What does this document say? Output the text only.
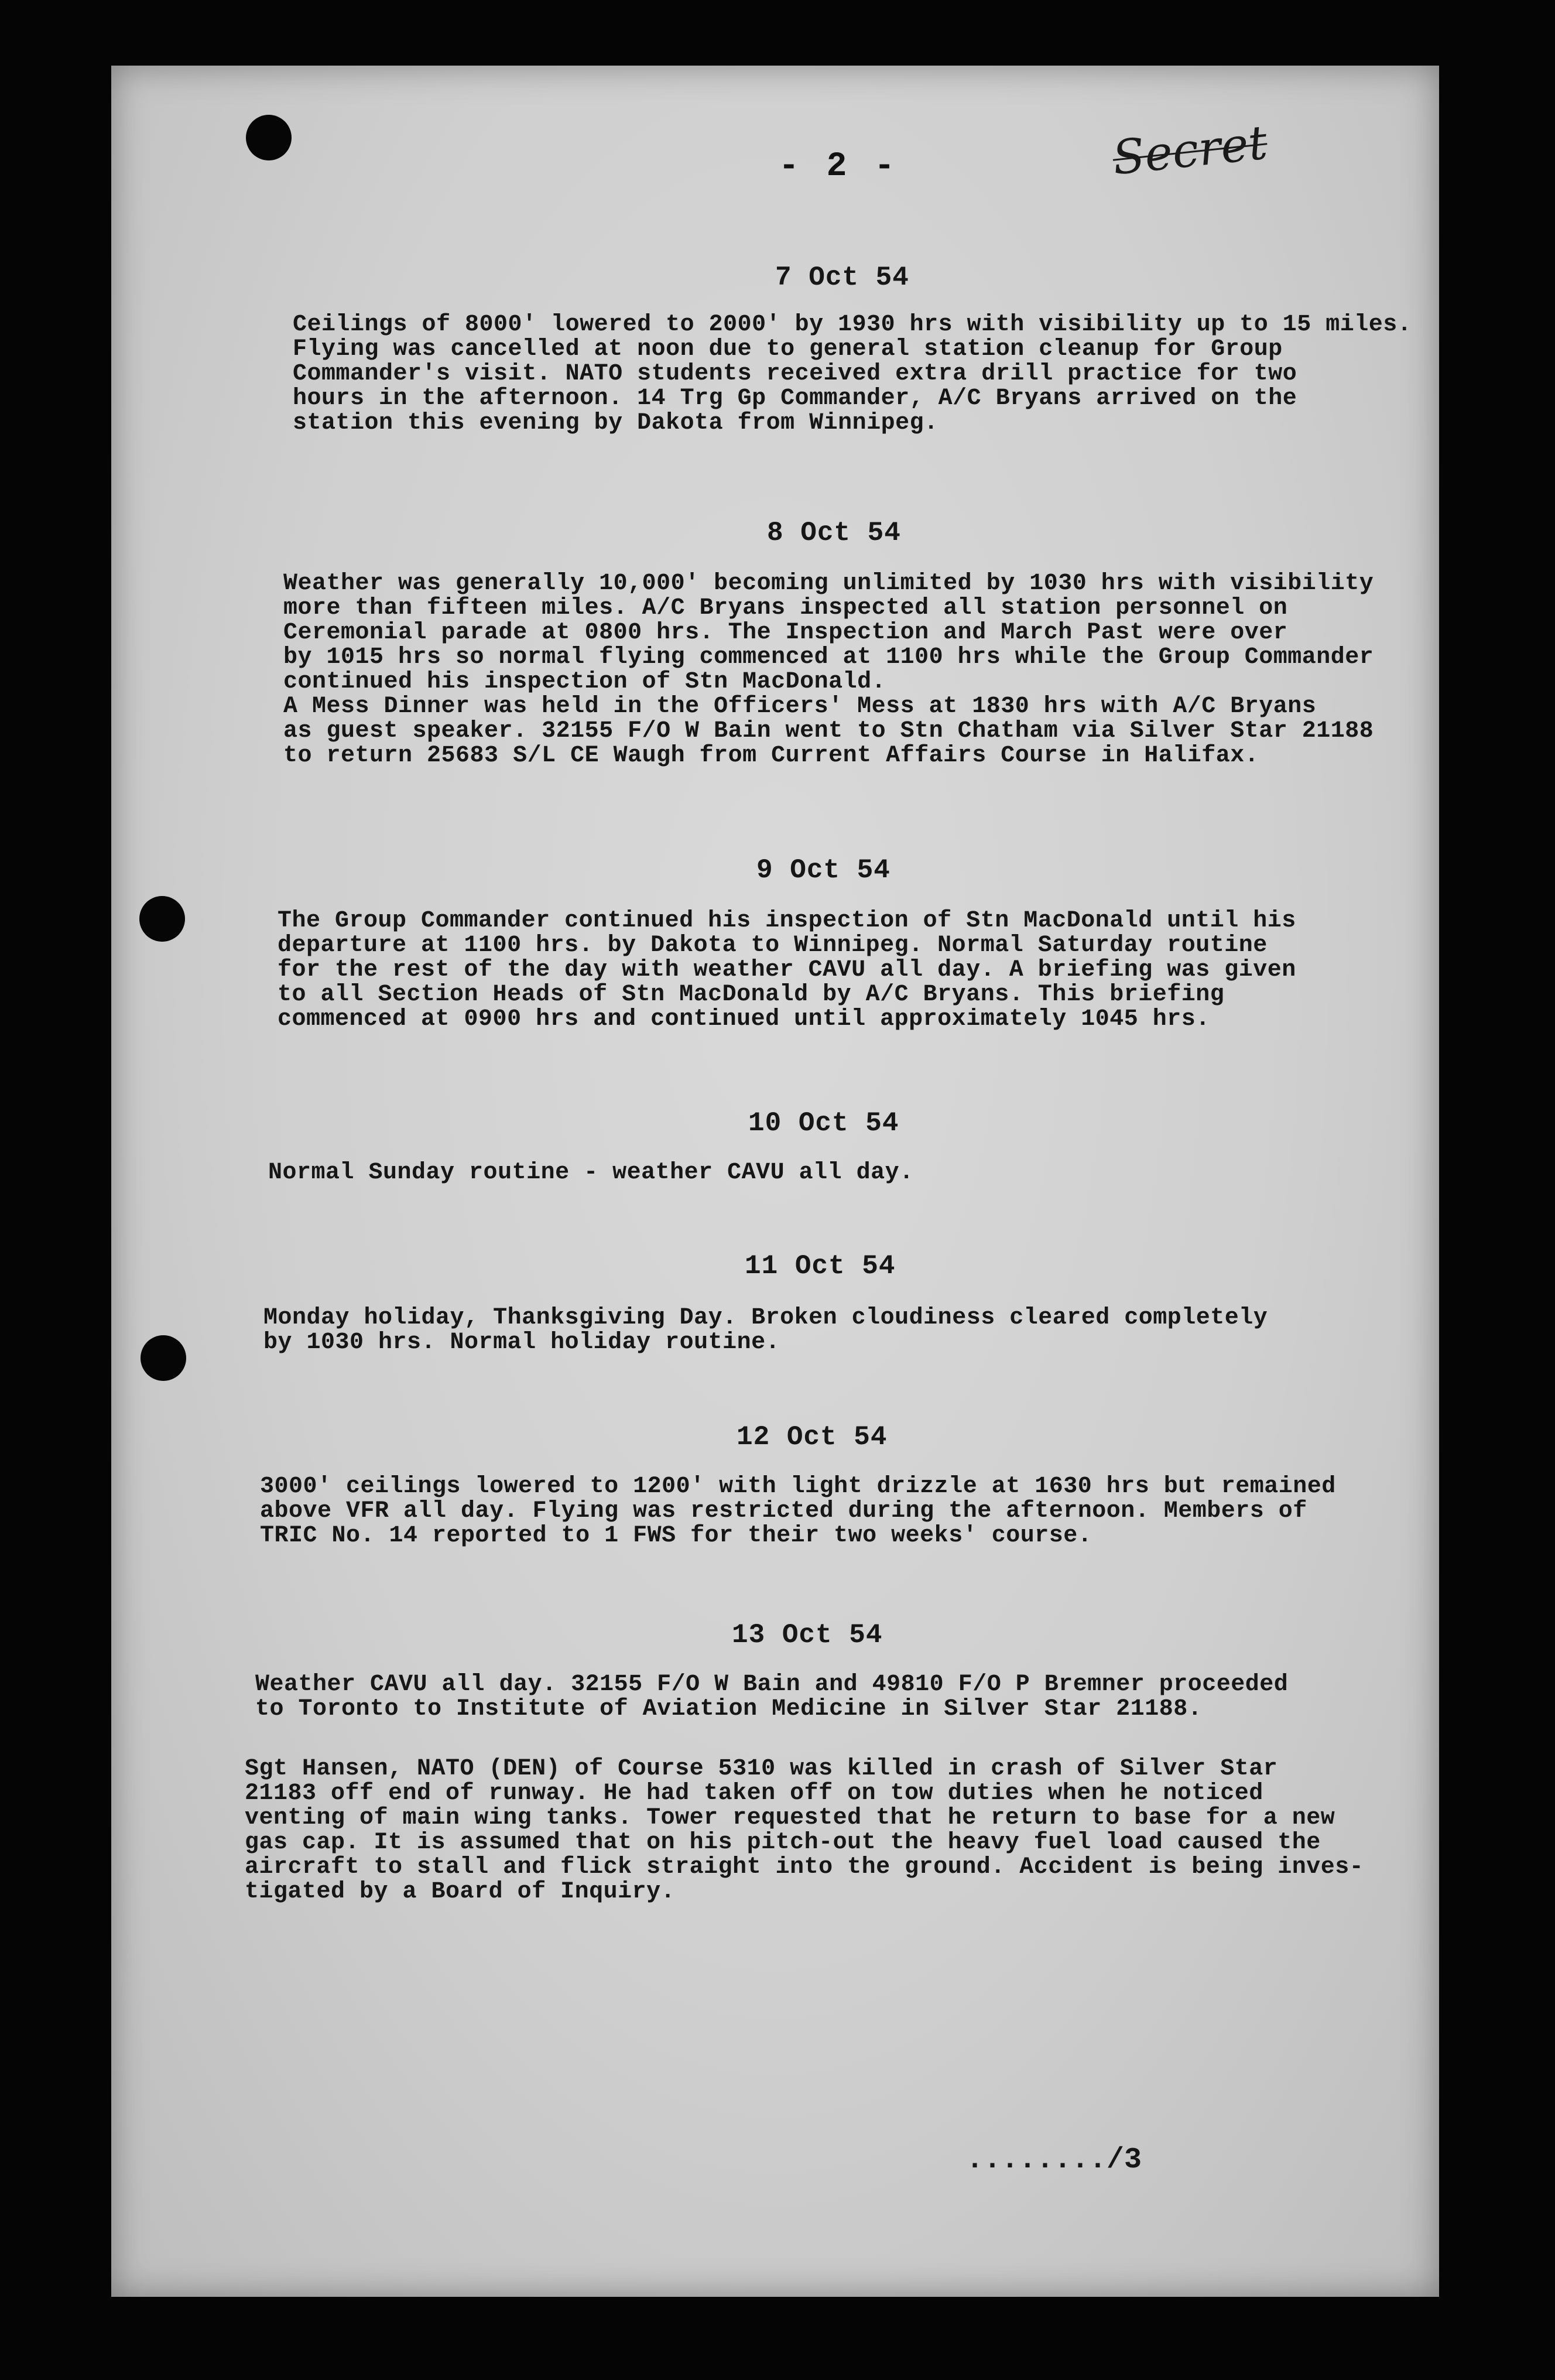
- 2 -	Secret
7 Oct 54
Ceilings of 8000' lowered to 2000' by 1930 hrs with visibility up to 15 miles.
Flying was cancelled at noon due to general station cleanup for Group
Commander's visit. NATO students received extra drill practice for two
hours in the afternoon. 14 Trg Gp Commander, A/C Bryans arrived on the
station this evening by Dakota from Winnipeg.
8 Oct 54
Weather was generally 10,000' becoming unlimited by 1030 hrs with visibility
more than fifteen miles. A/C Bryans inspected all station personnel on
Ceremonial parade at 0800 hrs. The Inspection and March Past were over
by 1015 hrs so normal flying commenced at 1100 hrs while the Group Commander
continued his inspection of Stn MacDonald.
A Mess Dinner was held in the Officers' Mess at 1830 hrs with A/C Bryans
as guest speaker. 32155 F/O W Bain went to Stn Chatham via Silver Star 21188
to return 25683 S/L CE Waugh from Current Affairs Course in Halifax.
9 Oct 54
The Group Commander continued his inspection of Stn MacDonald until his
departure at 1100 hrs. by Dakota to Winnipeg. Normal Saturday routine
for the rest of the day with weather CAVU all day. A briefing was given
to all Section Heads of Stn MacDonald by A/C Bryans. This briefing
commenced at 0900 hrs and continued until approximately 1045 hrs.
10 Oct 54
Normal Sunday routine - weather CAVU all day.
11 Oct 54
Monday holiday, Thanksgiving Day. Broken cloudiness cleared completely
by 1030 hrs. Normal holiday routine.
12 Oct 54
3000' ceilings lowered to 1200' with light drizzle at 1630 hrs but remained
above VFR all day. Flying was restricted during the afternoon. Members of
TRIC No. 14 reported to 1 FWS for their two weeks' course.
13 Oct 54
Weather CAVU all day. 32155 F/O W Bain and 49810 F/O P Bremner proceeded
to Toronto to Institute of Aviation Medicine in Silver Star 21188.
Sgt Hansen, NATO (DEN) of Course 5310 was killed in crash of Silver Star
21183 off end of runway. He had taken off on tow duties when he noticed
venting of main wing tanks. Tower requested that he return to base for a new
gas cap. It is assumed that on his pitch-out the heavy fuel load caused the
aircraft to stall and flick straight into the ground. Accident is being inves-
tigated by a Board of Inquiry.
......../3
